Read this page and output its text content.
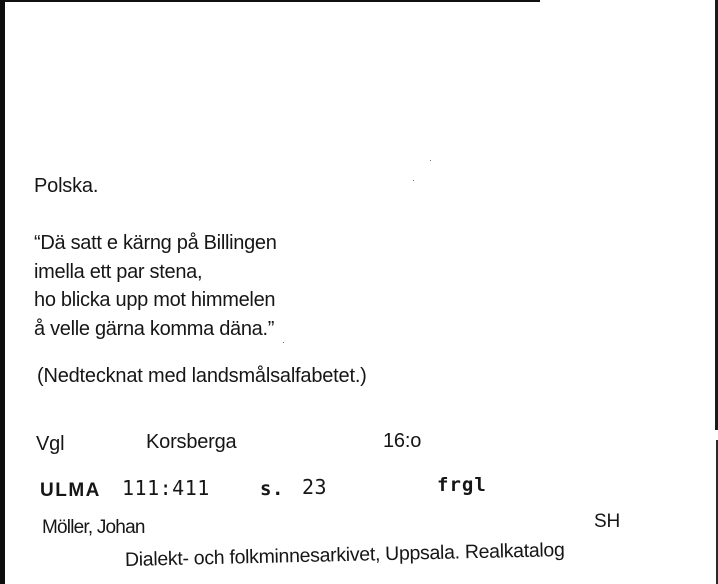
Polska.
“Dä satt e kärng på Billingen
imella ett par stena,
ho blicka upp mot himmelen
å velle gärna komma däna.”
(Nedtecknat med landsmålsalfabetet.)
Vgl	Korsberga	16:o
ULMA 111:411	s. 23	frgl
Möller, Johan	SH
Dialekt- och folkminnesarkivet, Uppsala. Realkatalog
